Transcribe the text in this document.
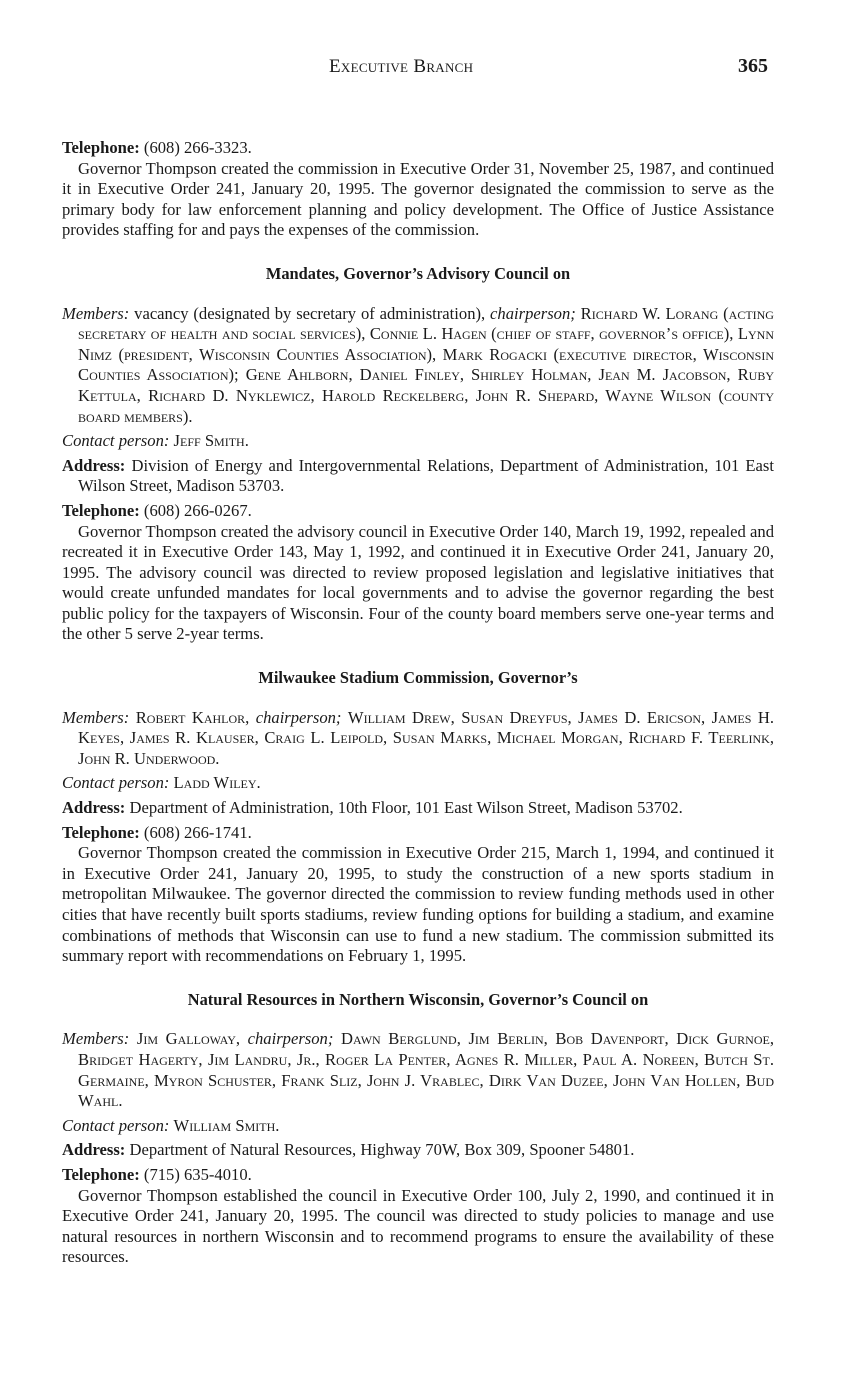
Executive Branch	365

Telephone: (608) 266-3323.

Governor Thompson created the commission in Executive Order 31, November 25, 1987, and continued it in Executive Order 241, January 20, 1995. The governor designated the commission to serve as the primary body for law enforcement planning and policy development. The Office of Justice Assistance provides staffing for and pays the expenses of the commission.

Mandates, Governor’s Advisory Council on

Members: vacancy (designated by secretary of administration), chairperson; Richard W. Lorang (acting secretary of health and social services), Connie L. Hagen (chief of staff, governor’s office), Lynn Nimz (president, Wisconsin Counties Association), Mark Rogacki (executive director, Wisconsin Counties Association); Gene Ahlborn, Daniel Finley, Shirley Holman, Jean M. Jacobson, Ruby Kettula, Richard D. Nyklewicz, Harold Reckelberg, John R. Shepard, Wayne Wilson (county board members).

Contact person: Jeff Smith.

Address: Division of Energy and Intergovernmental Relations, Department of Administration, 101 East Wilson Street, Madison 53703.

Telephone: (608) 266-0267.

Governor Thompson created the advisory council in Executive Order 140, March 19, 1992, repealed and recreated it in Executive Order 143, May 1, 1992, and continued it in Executive Order 241, January 20, 1995. The advisory council was directed to review proposed legislation and legislative initiatives that would create unfunded mandates for local governments and to advise the governor regarding the best public policy for the taxpayers of Wisconsin. Four of the county board members serve one-year terms and the other 5 serve 2-year terms.

Milwaukee Stadium Commission, Governor’s

Members: Robert Kahlor, chairperson; William Drew, Susan Dreyfus, James D. Ericson, James H. Keyes, James R. Klauser, Craig L. Leipold, Susan Marks, Michael Morgan, Richard F. Teerlink, John R. Underwood.

Contact person: Ladd Wiley.

Address: Department of Administration, 10th Floor, 101 East Wilson Street, Madison 53702.

Telephone: (608) 266-1741.

Governor Thompson created the commission in Executive Order 215, March 1, 1994, and continued it in Executive Order 241, January 20, 1995, to study the construction of a new sports stadium in metropolitan Milwaukee. The governor directed the commission to review funding methods used in other cities that have recently built sports stadiums, review funding options for building a stadium, and examine combinations of methods that Wisconsin can use to fund a new stadium. The commission submitted its summary report with recommendations on February 1, 1995.

Natural Resources in Northern Wisconsin, Governor’s Council on

Members: Jim Galloway, chairperson; Dawn Berglund, Jim Berlin, Bob Davenport, Dick Gurnoe, Bridget Hagerty, Jim Landru, Jr., Roger La Penter, Agnes R. Miller, Paul A. Noreen, Butch St. Germaine, Myron Schuster, Frank Sliz, John J. Vrablec, Dirk Van Duzee, John Van Hollen, Bud Wahl.

Contact person: William Smith.

Address: Department of Natural Resources, Highway 70W, Box 309, Spooner 54801.

Telephone: (715) 635-4010.

Governor Thompson established the council in Executive Order 100, July 2, 1990, and continued it in Executive Order 241, January 20, 1995. The council was directed to study policies to manage and use natural resources in northern Wisconsin and to recommend programs to ensure the availability of these resources.
